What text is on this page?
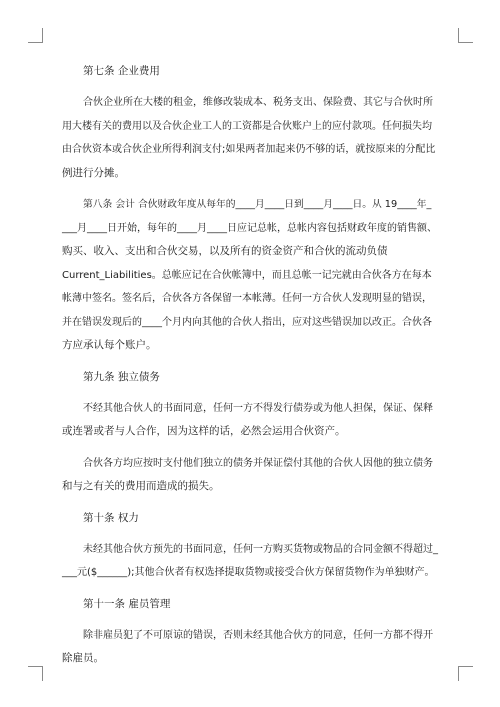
第七条 企业费用
合伙企业所在大楼的租金，维修改装成本、税务支出、保险费、其它与合伙时所
用大楼有关的费用以及合伙企业工人的工资都是合伙账户上的应付款项。任何损失均
由合伙资本或合伙企业所得利润支付;如果两者加起来仍不够的话，就按原来的分配比
例进行分摊。
第八条 会计 合伙财政年度从每年的____月____日到____月____日。从 19____年_
___月____日开始，每年的____月____日应记总帐，总帐内容包括财政年度的销售额、
购买、收入、支出和合伙交易，以及所有的资金资产和合伙的流动负债
Current_Liabilities。总帐应记在合伙帐簿中，而且总帐一记完就由合伙各方在每本
帐薄中签名。签名后，合伙各方各保留一本帐薄。任何一方合伙人发现明显的错误，
并在错误发现后的____个月内向其他的合伙人指出，应对这些错误加以改正。合伙各
方应承认每个账户。
第九条 独立债务
不经其他合伙人的书面同意，任何一方不得发行债券或为他人担保，保证、保释
或连署或者与人合作，因为这样的话，必然会运用合伙资产。
合伙各方均应按时支付他们独立的债务并保证偿付其他的合伙人因他的独立债务
和与之有关的费用而造成的损失。
第十条 权力
未经其他合伙方预先的书面同意，任何一方购买货物或物品的合同金额不得超过_
___元($______);其他合伙者有权选择提取货物或接受合伙方保留货物作为单独财产。
第十一条 雇员管理
除非雇员犯了不可原谅的错误，否则未经其他合伙方的同意，任何一方都不得开
除雇员。
